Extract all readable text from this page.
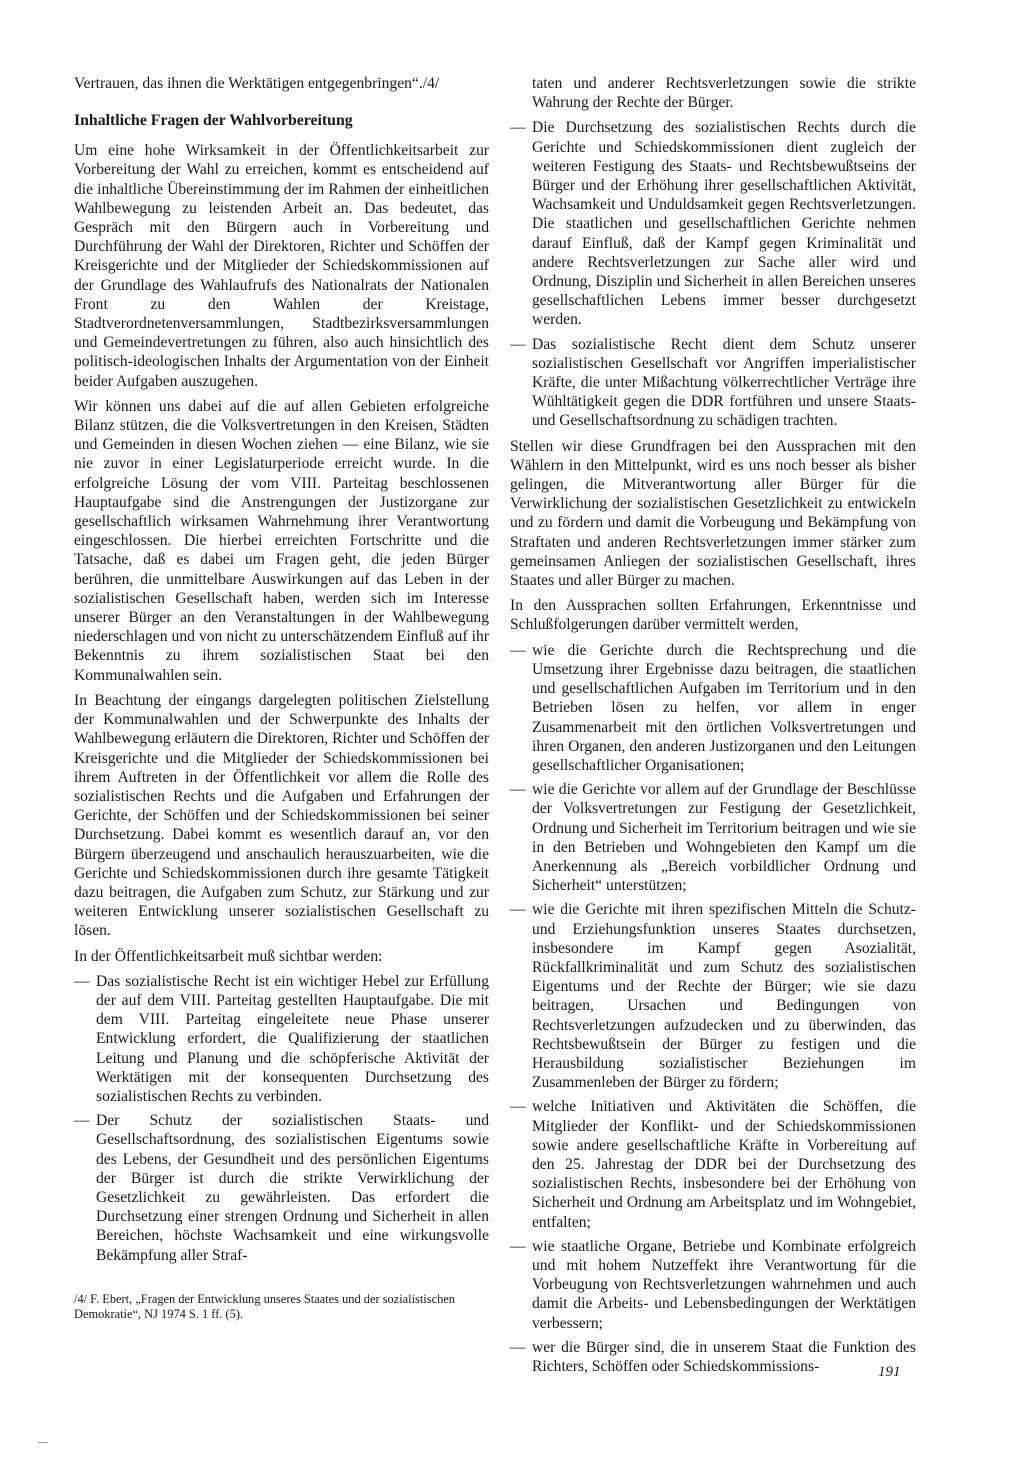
Vertrauen, das ihnen die Werktätigen entgegenbringen“./4/

Inhaltliche Fragen der Wahlvorbereitung

Um eine hohe Wirksamkeit in der Öffentlichkeitsarbeit zur Vorbereitung der Wahl zu erreichen, kommt es entscheidend auf die inhaltliche Übereinstimmung der im Rahmen der einheitlichen Wahlbewegung zu leistenden Arbeit an. Das bedeutet, das Gespräch mit den Bürgern auch in Vorbereitung und Durchführung der Wahl der Direktoren, Richter und Schöffen der Kreisgerichte und der Mitglieder der Schiedskommissionen auf der Grundlage des Wahlaufrufs des Nationalrats der Nationalen Front zu den Wahlen der Kreistage, Stadtverordnetenversammlungen, Stadtbezirksversammlungen und Gemeindevertretungen zu führen, also auch hinsichtlich des politisch-ideologischen Inhalts der Argumentation von der Einheit beider Aufgaben auszugehen.

Wir können uns dabei auf die auf allen Gebieten erfolgreiche Bilanz stützen, die die Volksvertretungen in den Kreisen, Städten und Gemeinden in diesen Wochen ziehen — eine Bilanz, wie sie nie zuvor in einer Legislaturperiode erreicht wurde. In die erfolgreiche Lösung der vom VIII. Parteitag beschlossenen Hauptaufgabe sind die Anstrengungen der Justizorgane zur gesellschaftlich wirksamen Wahrnehmung ihrer Verantwortung eingeschlossen. Die hierbei erreichten Fortschritte und die Tatsache, daß es dabei um Fragen geht, die jeden Bürger berühren, die unmittelbare Auswirkungen auf das Leben in der sozialistischen Gesellschaft haben, werden sich im Interesse unserer Bürger an den Veranstaltungen in der Wahlbewegung niederschlagen und von nicht zu unterschätzendem Einfluß auf ihr Bekenntnis zu ihrem sozialistischen Staat bei den Kommunalwahlen sein.

In Beachtung der eingangs dargelegten politischen Zielstellung der Kommunalwahlen und der Schwerpunkte des Inhalts der Wahlbewegung erläutern die Direktoren, Richter und Schöffen der Kreisgerichte und die Mitglieder der Schiedskommissionen bei ihrem Auftreten in der Öffentlichkeit vor allem die Rolle des sozialistischen Rechts und die Aufgaben und Erfahrungen der Gerichte, der Schöffen und der Schiedskommissionen bei seiner Durchsetzung. Dabei kommt es wesentlich darauf an, vor den Bürgern überzeugend und anschaulich herauszuarbeiten, wie die Gerichte und Schiedskommissionen durch ihre gesamte Tätigkeit dazu beitragen, die Aufgaben zum Schutz, zur Stärkung und zur weiteren Entwicklung unserer sozialistischen Gesellschaft zu lösen.

In der Öffentlichkeitsarbeit muß sichtbar werden:

— Das sozialistische Recht ist ein wichtiger Hebel zur Erfüllung der auf dem VIII. Parteitag gestellten Hauptaufgabe. Die mit dem VIII. Parteitag eingeleitete neue Phase unserer Entwicklung erfordert, die Qualifizierung der staatlichen Leitung und Planung und die schöpferische Aktivität der Werktätigen mit der konsequenten Durchsetzung des sozialistischen Rechts zu verbinden.
— Der Schutz der sozialistischen Staats- und Gesellschaftsordnung, des sozialistischen Eigentums sowie des Lebens, der Gesundheit und des persönlichen Eigentums der Bürger ist durch die strikte Verwirklichung der Gesetzlichkeit zu gewährleisten. Das erfordert die Durchsetzung einer strengen Ordnung und Sicherheit in allen Bereichen, höchste Wachsamkeit und eine wirkungsvolle Bekämpfung aller Straf-

taten und anderer Rechtsverletzungen sowie die strikte Wahrung der Rechte der Bürger.

— Die Durchsetzung des sozialistischen Rechts durch die Gerichte und Schiedskommissionen dient zugleich der weiteren Festigung des Staats- und Rechtsbewußtseins der Bürger und der Erhöhung ihrer gesellschaftlichen Aktivität, Wachsamkeit und Unduldsamkeit gegen Rechtsverletzungen. Die staatlichen und gesellschaftlichen Gerichte nehmen darauf Einfluß, daß der Kampf gegen Kriminalität und andere Rechtsverletzungen zur Sache aller wird und Ordnung, Disziplin und Sicherheit in allen Bereichen unseres gesellschaftlichen Lebens immer besser durchgesetzt werden.
— Das sozialistische Recht dient dem Schutz unserer sozialistischen Gesellschaft vor Angriffen imperialistischer Kräfte, die unter Mißachtung völkerrechtlicher Verträge ihre Wühltätigkeit gegen die DDR fortführen und unsere Staats- und Gesellschaftsordnung zu schädigen trachten.

Stellen wir diese Grundfragen bei den Aussprachen mit den Wählern in den Mittelpunkt, wird es uns noch besser als bisher gelingen, die Mitverantwortung aller Bürger für die Verwirklichung der sozialistischen Gesetzlichkeit zu entwickeln und zu fördern und damit die Vorbeugung und Bekämpfung von Straftaten und anderen Rechtsverletzungen immer stärker zum gemeinsamen Anliegen der sozialistischen Gesellschaft, ihres Staates und aller Bürger zu machen.

In den Aussprachen sollten Erfahrungen, Erkenntnisse und Schlußfolgerungen darüber vermittelt werden,

— wie die Gerichte durch die Rechtsprechung und die Umsetzung ihrer Ergebnisse dazu beitragen, die staatlichen und gesellschaftlichen Aufgaben im Territorium und in den Betrieben lösen zu helfen, vor allem in enger Zusammenarbeit mit den örtlichen Volksvertretungen und ihren Organen, den anderen Justizorganen und den Leitungen gesellschaftlicher Organisationen;
— wie die Gerichte vor allem auf der Grundlage der Beschlüsse der Volksvertretungen zur Festigung der Gesetzlichkeit, Ordnung und Sicherheit im Territorium beitragen und wie sie in den Betrieben und Wohngebieten den Kampf um die Anerkennung als „Bereich vorbildlicher Ordnung und Sicherheit“ unterstützen;
— wie die Gerichte mit ihren spezifischen Mitteln die Schutz- und Erziehungsfunktion unseres Staates durchsetzen, insbesondere im Kampf gegen Asozialität, Rückfallkriminalität und zum Schutz des sozialistischen Eigentums und der Rechte der Bürger; wie sie dazu beitragen, Ursachen und Bedingungen von Rechtsverletzungen aufzudecken und zu überwinden, das Rechtsbewußtsein der Bürger zu festigen und die Herausbildung sozialistischer Beziehungen im Zusammenleben der Bürger zu fördern;
— welche Initiativen und Aktivitäten die Schöffen, die Mitglieder der Konflikt- und der Schiedskommissionen sowie andere gesellschaftliche Kräfte in Vorbereitung auf den 25. Jahrestag der DDR bei der Durchsetzung des sozialistischen Rechts, insbesondere bei der Erhöhung von Sicherheit und Ordnung am Arbeitsplatz und im Wohngebiet, entfalten;
— wie staatliche Organe, Betriebe und Kombinate erfolgreich und mit hohem Nutzeffekt ihre Verantwortung für die Vorbeugung von Rechtsverletzungen wahrnehmen und auch damit die Arbeits- und Lebensbedingungen der Werktätigen verbessern;
— wer die Bürger sind, die in unserem Staat die Funktion des Richters, Schöffen oder Schiedskommissions-
/4/ F. Ebert, „Fragen der Entwicklung unseres Staates und der sozialistischen Demokratie“, NJ 1974 S. 1 ff. (5).
191
